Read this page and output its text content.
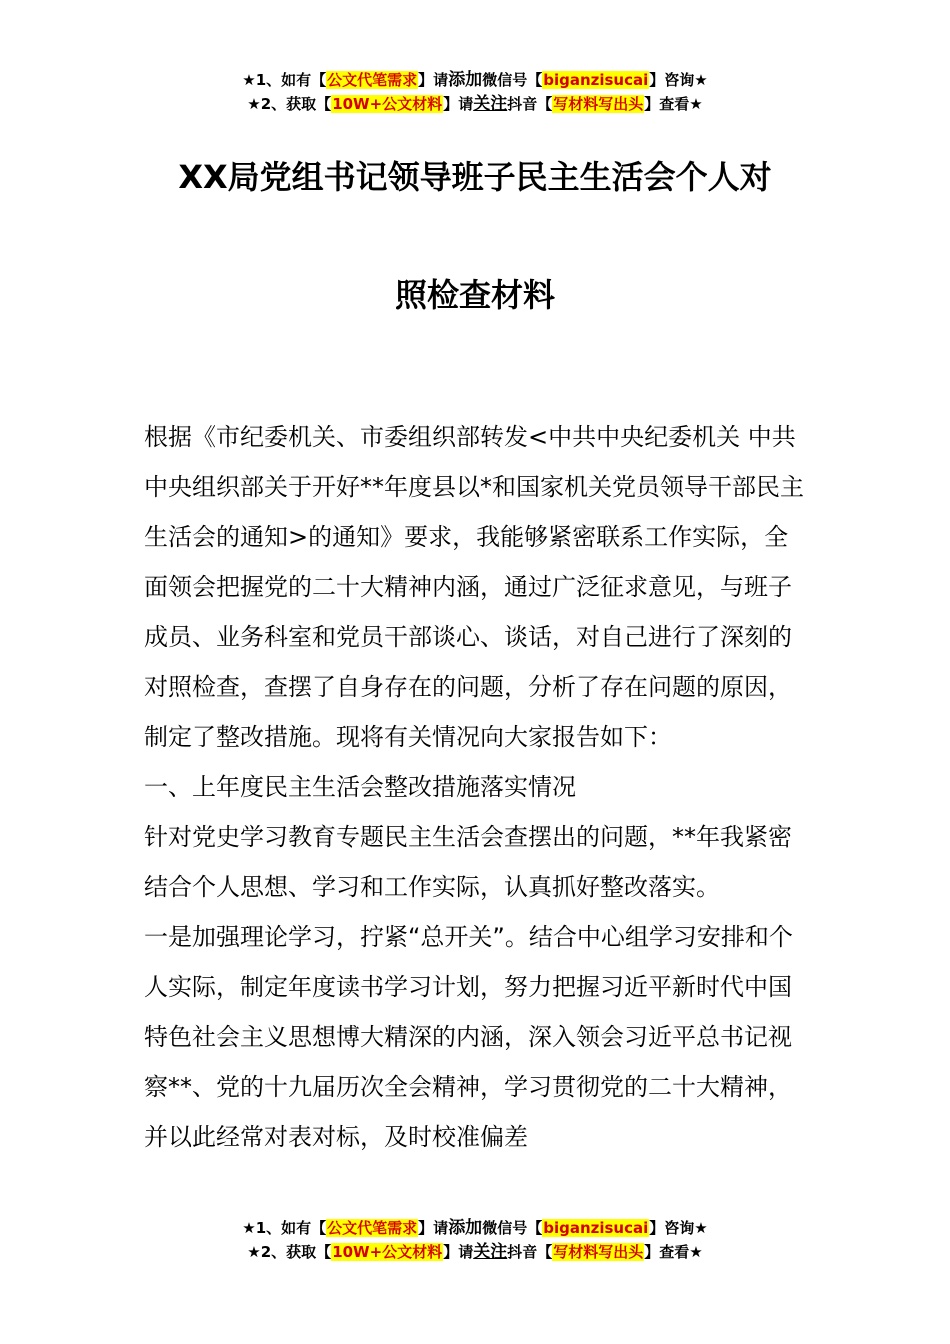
★1、如有【公文代笔需求】请添加微信号【biganzisucai】咨询★
★2、获取【10W+公文材料】请关注抖音【写材料写出头】查看★
XX局党组书记领导班子民主生活会个人对
照检查材料

根据《市纪委机关、市委组织部转发<中共中央纪委机关 中共中央组织部关于开好**年度县以*和国家机关党员领导干部民主生活会的通知>的通知》要求，我能够紧密联系工作实际，全面领会把握党的二十大精神内涵，通过广泛征求意见，与班子成员、业务科室和党员干部谈心、谈话，对自己进行了深刻的对照检查，查摆了自身存在的问题，分析了存在问题的原因，制定了整改措施。现将有关情况向大家报告如下：

一、上年度民主生活会整改措施落实情况

针对党史学习教育专题民主生活会查摆出的问题，**年我紧密结合个人思想、学习和工作实际，认真抓好整改落实。

一是加强理论学习，拧紧“总开关”。结合中心组学习安排和个人实际，制定年度读书学习计划，努力把握习近平新时代中国特色社会主义思想博大精深的内涵，深入领会习近平总书记视察**、党的十九届历次全会精神，学习贯彻党的二十大精神，并以此经常对表对标，及时校准偏差

★1、如有【公文代笔需求】请添加微信号【biganzisucai】咨询★
★2、获取【10W+公文材料】请关注抖音【写材料写出头】查看★
